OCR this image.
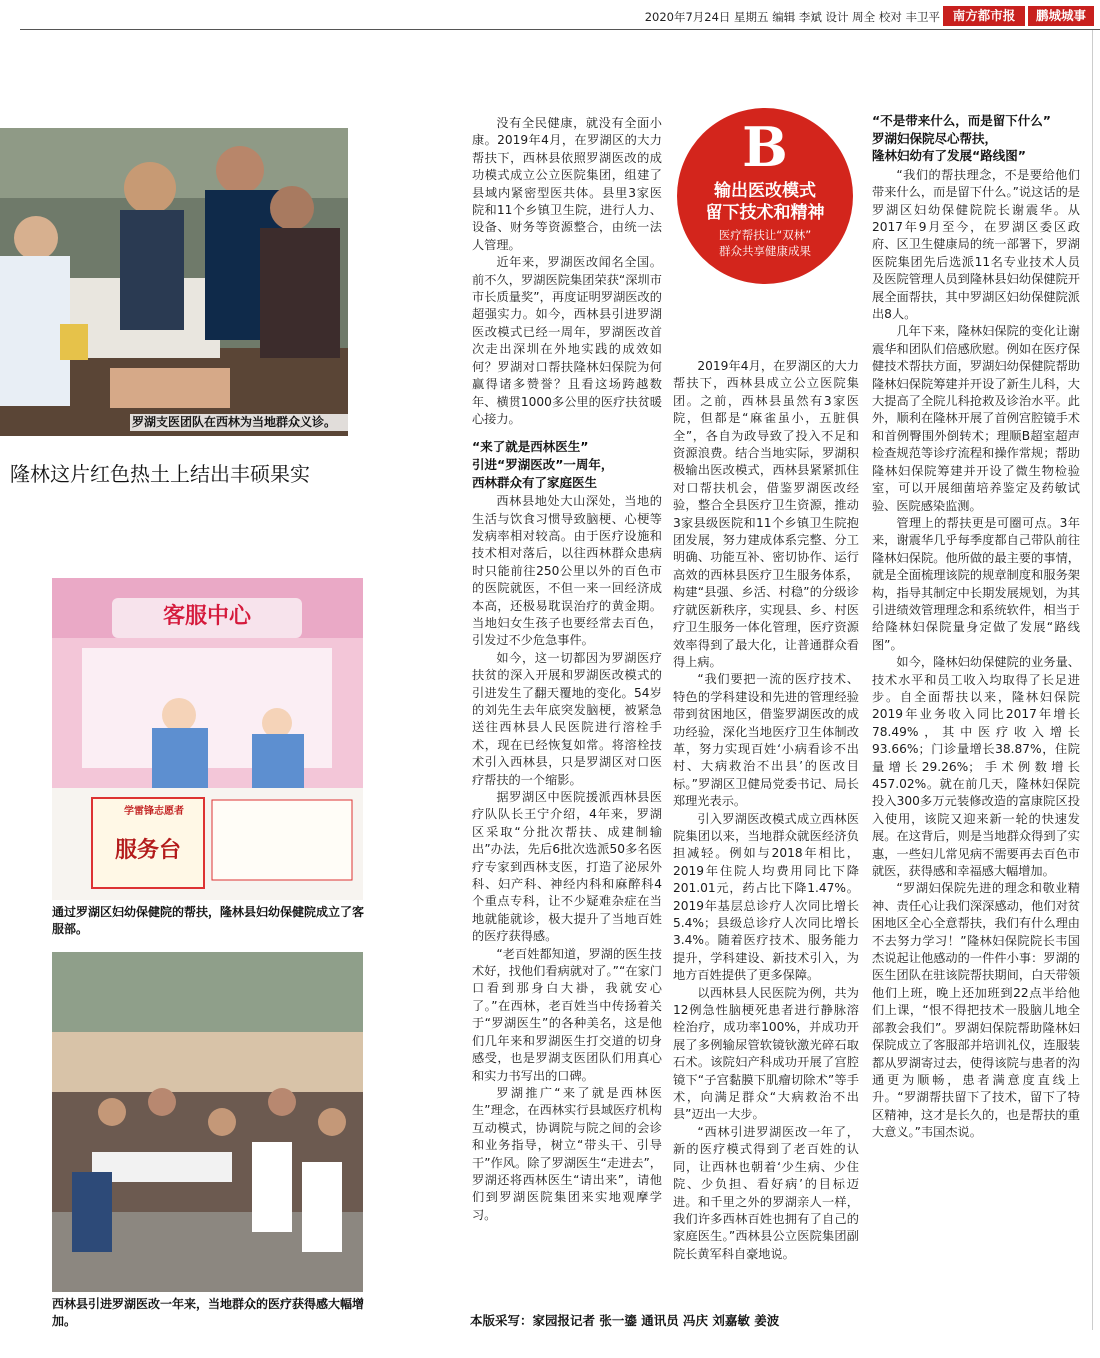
2020年7月24日 星期五 编辑 李斌 设计 周全 校对 丰卫平	南方都市报	鹏城城事
罗湖支医团队在西林为当地群众义诊。
隆林这片红色热土上结出丰硕果实
客服中心
学雷锋志愿者
服务台
通过罗湖区妇幼保健院的帮扶，隆林县妇幼保健院成立了客服部。
西林县引进罗湖医改一年来，当地群众的医疗获得感大幅增加。

没有全民健康，就没有全面小康。2019年4月，在罗湖区的大力帮扶下，西林县依照罗湖医改的成功模式成立公立医院集团，组建了县域内紧密型医共体。县里3家医院和11个乡镇卫生院，进行人力、设备、财务等资源整合，由统一法人管理。

近年来，罗湖医改闻名全国。前不久，罗湖医院集团荣获“深圳市市长质量奖”，再度证明罗湖医改的超强实力。如今，西林县引进罗湖医改模式已经一周年，罗湖医改首次走出深圳在外地实践的成效如何？罗湖对口帮扶隆林妇保院为何赢得诸多赞誉？且看这场跨越数年、横贯1000多公里的医疗扶贫暖心接力。

“来了就是西林医生”
引进“罗湖医改”一周年，
西林群众有了家庭医生

西林县地处大山深处，当地的生活与饮食习惯导致脑梗、心梗等发病率相对较高。由于医疗设施和技术相对落后，以往西林群众患病时只能前往250公里以外的百色市的医院就医，不但一来一回经济成本高，还极易耽误治疗的黄金期。当地妇女生孩子也要经常去百色，引发过不少危急事件。

如今，这一切都因为罗湖医疗扶贫的深入开展和罗湖医改模式的引进发生了翻天覆地的变化。54岁的刘先生去年底突发脑梗，被紧急送往西林县人民医院进行溶栓手术，现在已经恢复如常。将溶栓技术引入西林县，只是罗湖区对口医疗帮扶的一个缩影。

据罗湖区中医院援派西林县医疗队队长王宁介绍，4年来，罗湖区采取“分批次帮扶、成建制输出”办法，先后6批次选派50多名医疗专家到西林支医，打造了泌尿外科、妇产科、神经内科和麻醉科4个重点专科，让不少疑难杂症在当地就能就诊，极大提升了当地百姓的医疗获得感。

“老百姓都知道，罗湖的医生技术好，找他们看病就对了。”“在家门口看到那身白大褂，我就安心了。”在西林，老百姓当中传扬着关于“罗湖医生”的各种美名，这是他们几年来和罗湖医生打交道的切身感受，也是罗湖支医团队们用真心和实力书写出的口碑。

罗湖推广“来了就是西林医生”理念，在西林实行县域医疗机构互动模式，协调院与院之间的会诊和业务指导，树立“带头干、引导干”作风。除了罗湖医生“走进去”，罗湖还将西林医生“请出来”，请他们到罗湖医院集团来实地观摩学习。

B
输出医改模式
留下技术和精神
医疗帮扶让“双林”
群众共享健康成果

2019年4月，在罗湖区的大力帮扶下，西林县成立公立医院集团。之前，西林县虽然有3家医院，但都是“麻雀虽小，五脏俱全”，各自为政导致了投入不足和资源浪费。结合当地实际，罗湖积极输出医改模式，西林县紧紧抓住对口帮扶机会，借鉴罗湖医改经验，整合全县医疗卫生资源，推动3家县级医院和11个乡镇卫生院抱团发展，努力建成体系完整、分工明确、功能互补、密切协作、运行高效的西林县医疗卫生服务体系，构建“县强、乡活、村稳”的分级诊疗就医新秩序，实现县、乡、村医疗卫生服务一体化管理，医疗资源效率得到了最大化，让普通群众看得上病。

“我们要把一流的医疗技术、特色的学科建设和先进的管理经验带到贫困地区，借鉴罗湖医改的成功经验，深化当地医疗卫生体制改革，努力实现百姓‘小病看诊不出村、大病救治不出县’的医改目标。”罗湖区卫健局党委书记、局长郑理光表示。

引入罗湖医改模式成立西林医院集团以来，当地群众就医经济负担减轻。例如与2018年相比，2019年住院人均费用同比下降201.01元，药占比下降1.47%。2019年基层总诊疗人次同比增长5.4%；县级总诊疗人次同比增长3.4%。随着医疗技术、服务能力提升，学科建设、新技术引入，为地方百姓提供了更多保障。

以西林县人民医院为例，共为12例急性脑梗死患者进行静脉溶栓治疗，成功率100%，并成功开展了多例输尿管软镜钬激光碎石取石术。该院妇产科成功开展了宫腔镜下“子宫黏膜下肌瘤切除术”等手术，向满足群众“大病救治不出县”迈出一大步。

“西林引进罗湖医改一年了，新的医疗模式得到了老百姓的认同，让西林也朝着‘少生病、少住院、少负担、看好病’的目标迈进。和千里之外的罗湖亲人一样，我们许多西林百姓也拥有了自己的家庭医生。”西林县公立医院集团副院长黄军科自豪地说。

“不是带来什么，而是留下什么”
罗湖妇保院尽心帮扶，
隆林妇幼有了发展“路线图”

“我们的帮扶理念，不是要给他们带来什么，而是留下什么。”说这话的是罗湖区妇幼保健院院长谢震华。从2017年9月至今，在罗湖区委区政府、区卫生健康局的统一部署下，罗湖医院集团先后选派11名专业技术人员及医院管理人员到隆林县妇幼保健院开展全面帮扶，其中罗湖区妇幼保健院派出8人。

几年下来，隆林妇保院的变化让谢震华和团队们倍感欣慰。例如在医疗保健技术帮扶方面，罗湖妇幼保健院帮助隆林妇保院筹建并开设了新生儿科，大大提高了全院儿科抢救及诊治水平。此外，顺利在隆林开展了首例宫腔镜手术和首例臀围外倒转术；理顺B超室超声检查规范等诊疗流程和操作常规；帮助隆林妇保院筹建并开设了微生物检验室，可以开展细菌培养鉴定及药敏试验、医院感染监测。

管理上的帮扶更是可圈可点。3年来，谢震华几乎每季度都自己带队前往隆林妇保院。他所做的最主要的事情，就是全面梳理该院的规章制度和服务架构，指导其制定中长期发展规划，为其引进绩效管理理念和系统软件，相当于给隆林妇保院量身定做了发展“路线图”。

如今，隆林妇幼保健院的业务量、技术水平和员工收入均取得了长足进步。自全面帮扶以来，隆林妇保院2019年业务收入同比2017年增长78.49%，其中医疗收入增长93.66%；门诊量增长38.87%，住院量增长29.26%；手术例数增长457.02%。就在前几天，隆林妇保院投入300多万元装修改造的富康院区投入使用，该院又迎来新一轮的快速发展。在这背后，则是当地群众得到了实惠，一些妇儿常见病不需要再去百色市就医，获得感和幸福感大幅增加。

“罗湖妇保院先进的理念和敬业精神、责任心让我们深深感动，他们对贫困地区全心全意帮扶，我们有什么理由不去努力学习！”隆林妇保院院长韦国杰说起让他感动的一件件小事：罗湖的医生团队在驻该院帮扶期间，白天带领他们上班，晚上还加班到22点半给他们上课，“恨不得把技术一股脑儿地全部教会我们”。罗湖妇保院帮助隆林妇保院成立了客服部并培训礼仪，连服装都从罗湖寄过去，使得该院与患者的沟通更为顺畅，患者满意度直线上升。“罗湖帮扶留下了技术，留下了特区精神，这才是长久的，也是帮扶的重大意义。”韦国杰说。

本版采写：家园报记者 张一鎏 通讯员 冯庆 刘嘉敏 姜波
